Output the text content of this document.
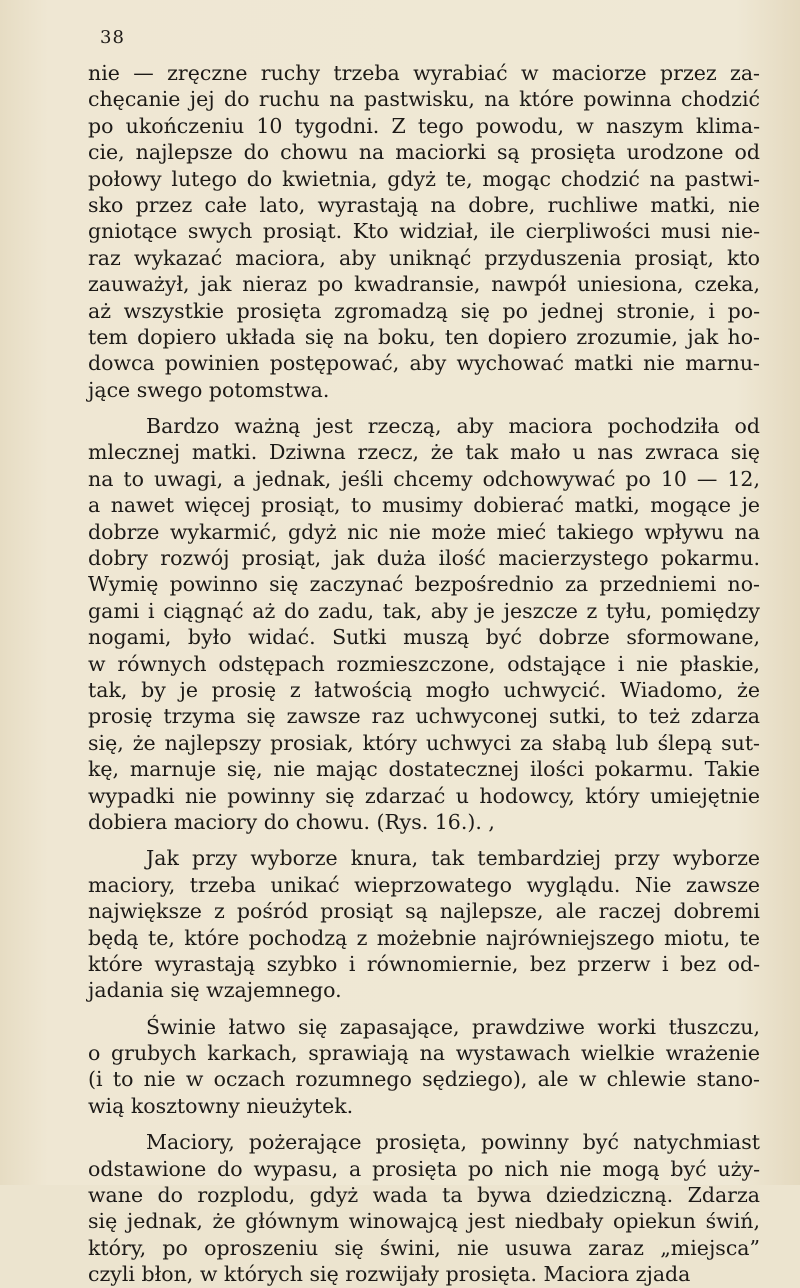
38
nie — zręczne ruchy trzeba wyrabiać w maciorze przez za-
chęcanie jej do ruchu na pastwisku, na które powinna chodzić
po ukończeniu 10 tygodni. Z tego powodu, w naszym klima-
cie, najlepsze do chowu na maciorki są prosięta urodzone od
połowy lutego do kwietnia, gdyż te, mogąc chodzić na pastwi-
sko przez całe lato, wyrastają na dobre, ruchliwe matki, nie
gniotące swych prosiąt. Kto widział, ile cierpliwości musi nie-
raz wykazać maciora, aby uniknąć przyduszenia prosiąt, kto
zauważył, jak nieraz po kwadransie, nawpół uniesiona, czeka,
aż wszystkie prosięta zgromadzą się po jednej stronie, i po-
tem dopiero układa się na boku, ten dopiero zrozumie, jak ho-
dowca powinien postępować, aby wychować matki nie marnu-
jące swego potomstwa.
Bardzo ważną jest rzeczą, aby maciora pochodziła od
mlecznej matki. Dziwna rzecz, że tak mało u nas zwraca się
na to uwagi, a jednak, jeśli chcemy odchowywać po 10 — 12,
a nawet więcej prosiąt, to musimy dobierać matki, mogące je
dobrze wykarmić, gdyż nic nie może mieć takiego wpływu na
dobry rozwój prosiąt, jak duża ilość macierzystego pokarmu.
Wymię powinno się zaczynać bezpośrednio za przedniemi no-
gami i ciągnąć aż do zadu, tak, aby je jeszcze z tyłu, pomiędzy
nogami, było widać. Sutki muszą być dobrze sformowane,
w równych odstępach rozmieszczone, odstające i nie płaskie,
tak, by je prosię z łatwością mogło uchwycić. Wiadomo, że
prosię trzyma się zawsze raz uchwyconej sutki, to też zdarza
się, że najlepszy prosiak, który uchwyci za słabą lub ślepą sut-
kę, marnuje się, nie mając dostatecznej ilości pokarmu. Takie
wypadki nie powinny się zdarzać u hodowcy, który umiejętnie
dobiera maciory do chowu. (Rys. 16.). ,
Jak przy wyborze knura, tak tembardziej przy wyborze
maciory, trzeba unikać wieprzowatego wyglądu. Nie zawsze
największe z pośród prosiąt są najlepsze, ale raczej dobremi
będą te, które pochodzą z możebnie najrówniejszego miotu, te
które wyrastają szybko i równomiernie, bez przerw i bez od-
jadania się wzajemnego.
Świnie łatwo się zapasające, prawdziwe worki tłuszczu,
o grubych karkach, sprawiają na wystawach wielkie wrażenie
(i to nie w oczach rozumnego sędziego), ale w chlewie stano-
wią kosztowny nieużytek.
Maciory, pożerające prosięta, powinny być natychmiast
odstawione do wypasu, a prosięta po nich nie mogą być uży-
wane do rozplodu, gdyż wada ta bywa dziedziczną. Zdarza
się jednak, że głównym winowajcą jest niedbały opiekun świń,
który, po oproszeniu się świni, nie usuwa zaraz „miejsca”
czyli błon, w których się rozwijały prosięta. Maciora zjada
